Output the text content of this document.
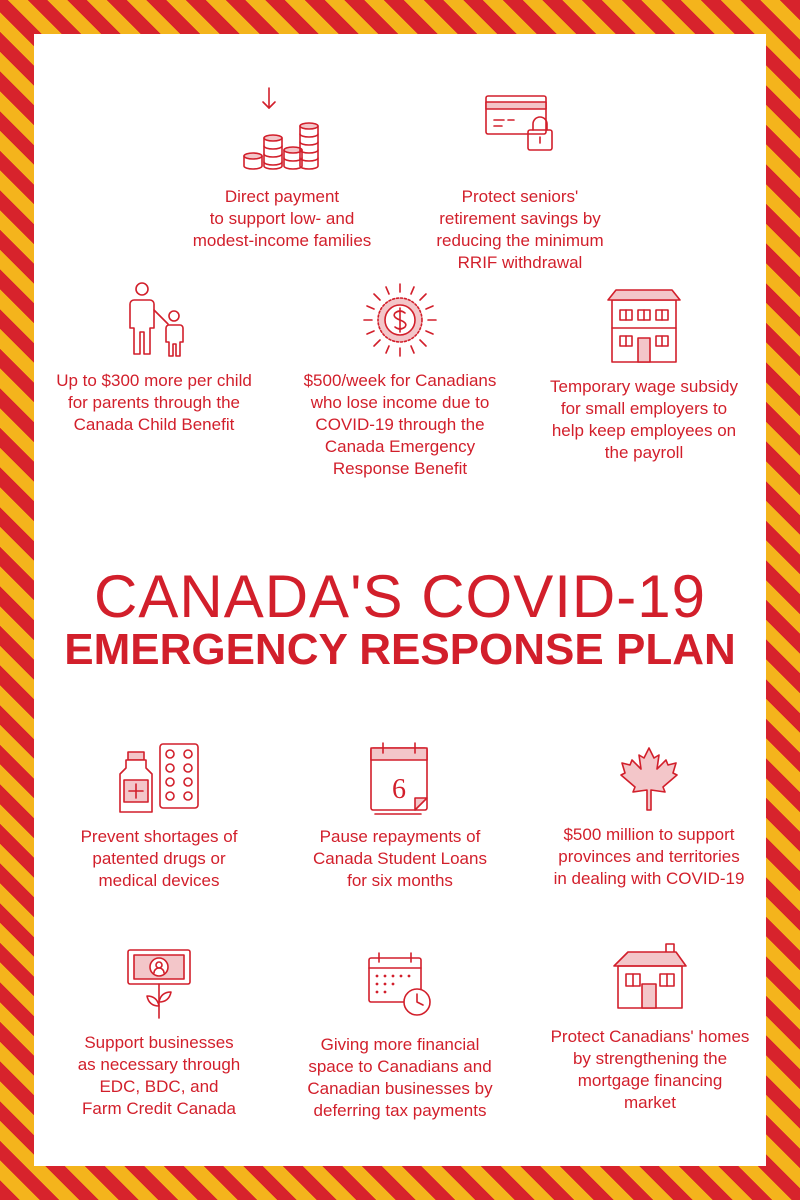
Direct payment
to support low- and
modest-income families
Protect seniors'
retirement savings by
reducing the minimum
RRIF withdrawal
Up to $300 more per child
for parents through the
Canada Child Benefit
$500/week for Canadians
who lose income due to
COVID-19 through the
Canada Emergency
Response Benefit
Temporary wage subsidy
for small employers to
help keep employees on
the payroll
CANADA'S COVID-19
EMERGENCY RESPONSE PLAN
Prevent shortages of
patented drugs or
medical devices
6
Pause repayments of
Canada Student Loans
for six months
$500 million to support
provinces and territories
in dealing with COVID-19
Support businesses
as necessary through
EDC, BDC, and
Farm Credit Canada
Giving more financial
space to Canadians and
Canadian businesses by
deferring tax payments
Protect Canadians' homes
by strengthening the
mortgage financing
market
